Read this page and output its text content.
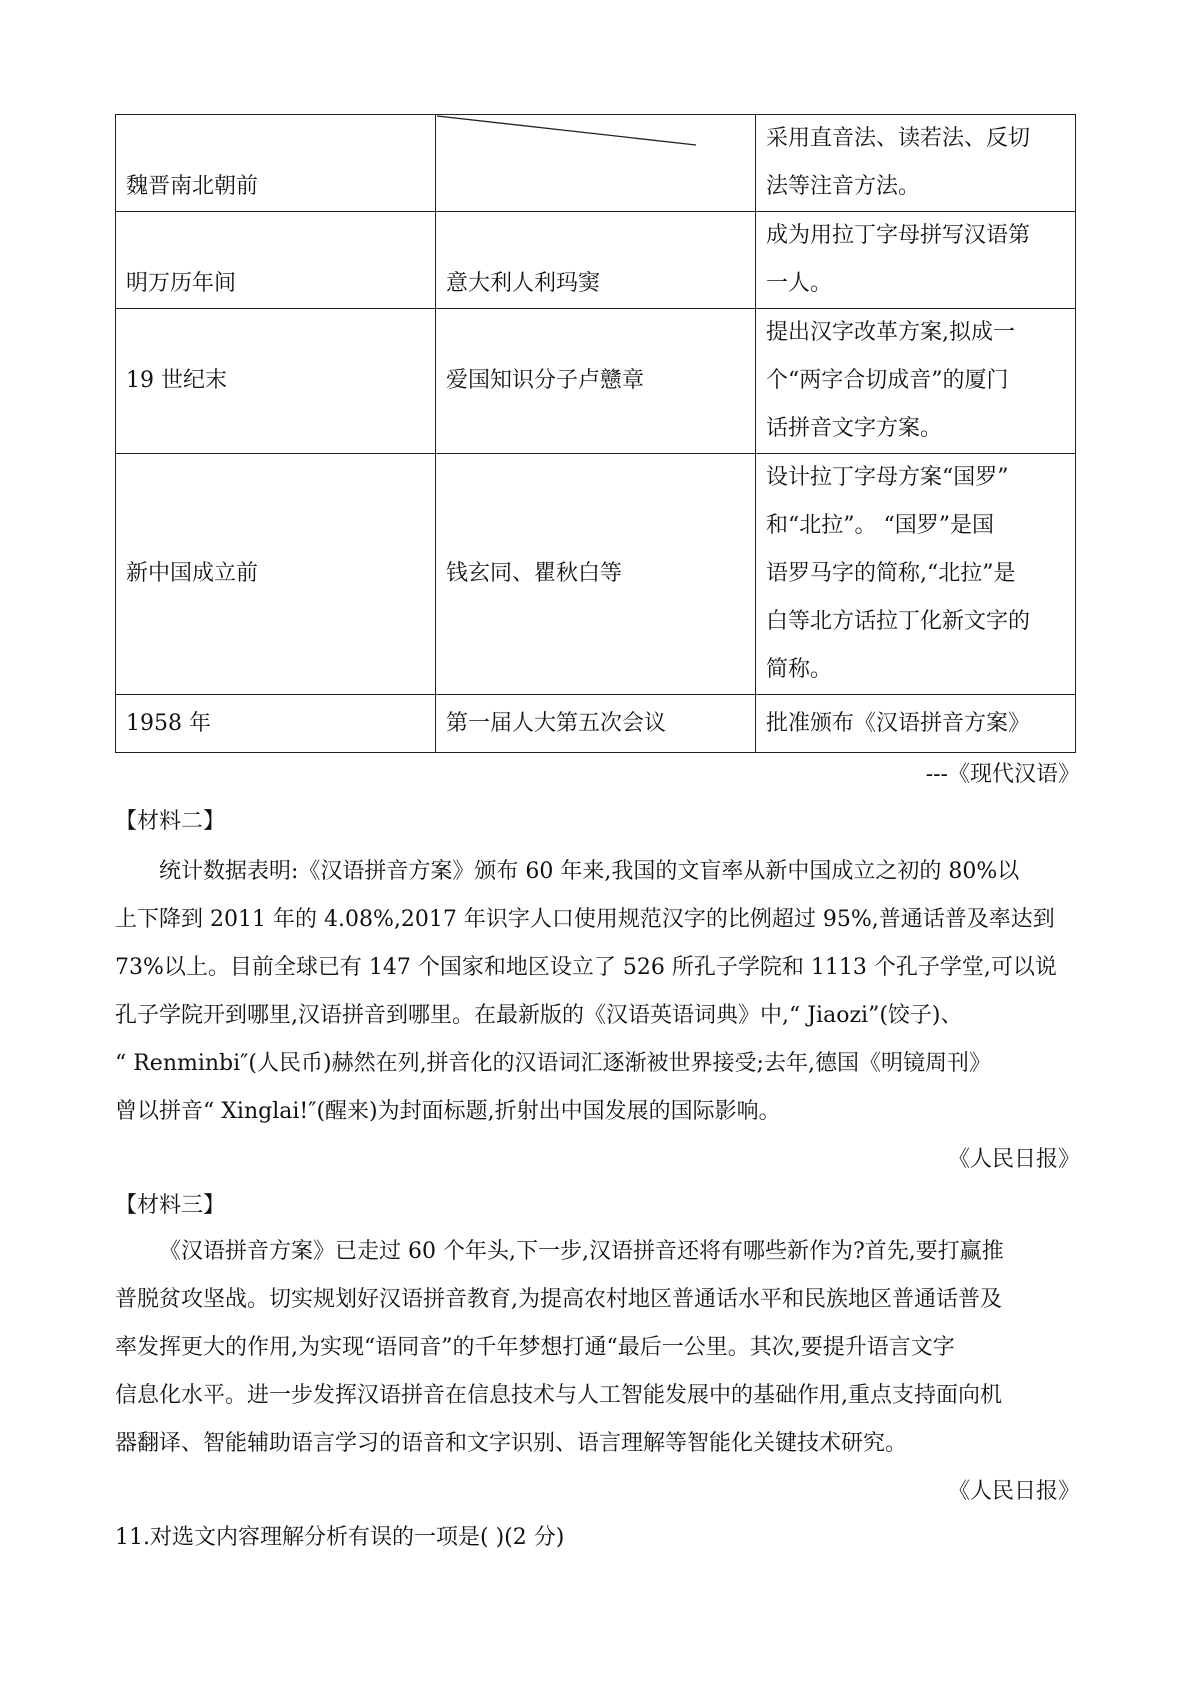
魏晋南北朝前		采用直音法、读若法、反切
法等注音方法。

明万历年间	意大利人利玛窦	成为用拉丁字母拼写汉语第
一人。

19 世纪末	爱国知识分子卢戆章	提出汉字改革方案,拟成一
个“两字合切成音”的厦门
话拼音文字方案。

新中国成立前	钱玄同、瞿秋白等	设计拉丁字母方案“国罗”
和“北拉”。 “国罗”是国
语罗马字的简称,“北拉”是
白等北方话拉丁化新文字的
简称。

1958 年	第一届人大第五次会议	批准颁布《汉语拼音方案》
---《现代汉语》
【材料二】
统计数据表明:《汉语拼音方案》颁布 60 年来,我国的文盲率从新中国成立之初的 80%以
上下降到 2011 年的 4.08%,2017 年识字人口使用规范汉字的比例超过 95%,普通话普及率达到
73%以上。目前全球已有 147 个国家和地区设立了 526 所孔子学院和 1113 个孔子学堂,可以说
孔子学院开到哪里,汉语拼音到哪里。在最新版的《汉语英语词典》中,“ Jiaozi”(饺子)、
“ Renminbi″(人民币)赫然在列,拼音化的汉语词汇逐渐被世界接受;去年,德国《明镜周刊》
曾以拼音“ Xinglai!″(醒来)为封面标题,折射出中国发展的国际影响。
《人民日报》
【材料三】
《汉语拼音方案》已走过 60 个年头,下一步,汉语拼音还将有哪些新作为?首先,要打赢推
普脱贫攻坚战。切实规划好汉语拼音教育,为提高农村地区普通话水平和民族地区普通话普及
率发挥更大的作用,为实现“语同音”的千年梦想打通“最后一公里。其次,要提升语言文字
信息化水平。进一步发挥汉语拼音在信息技术与人工智能发展中的基础作用,重点支持面向机
器翻译、智能辅助语言学习的语音和文字识别、语言理解等智能化关键技术研究。
《人民日报》
11.对选文内容理解分析有误的一项是( )(2 分)
